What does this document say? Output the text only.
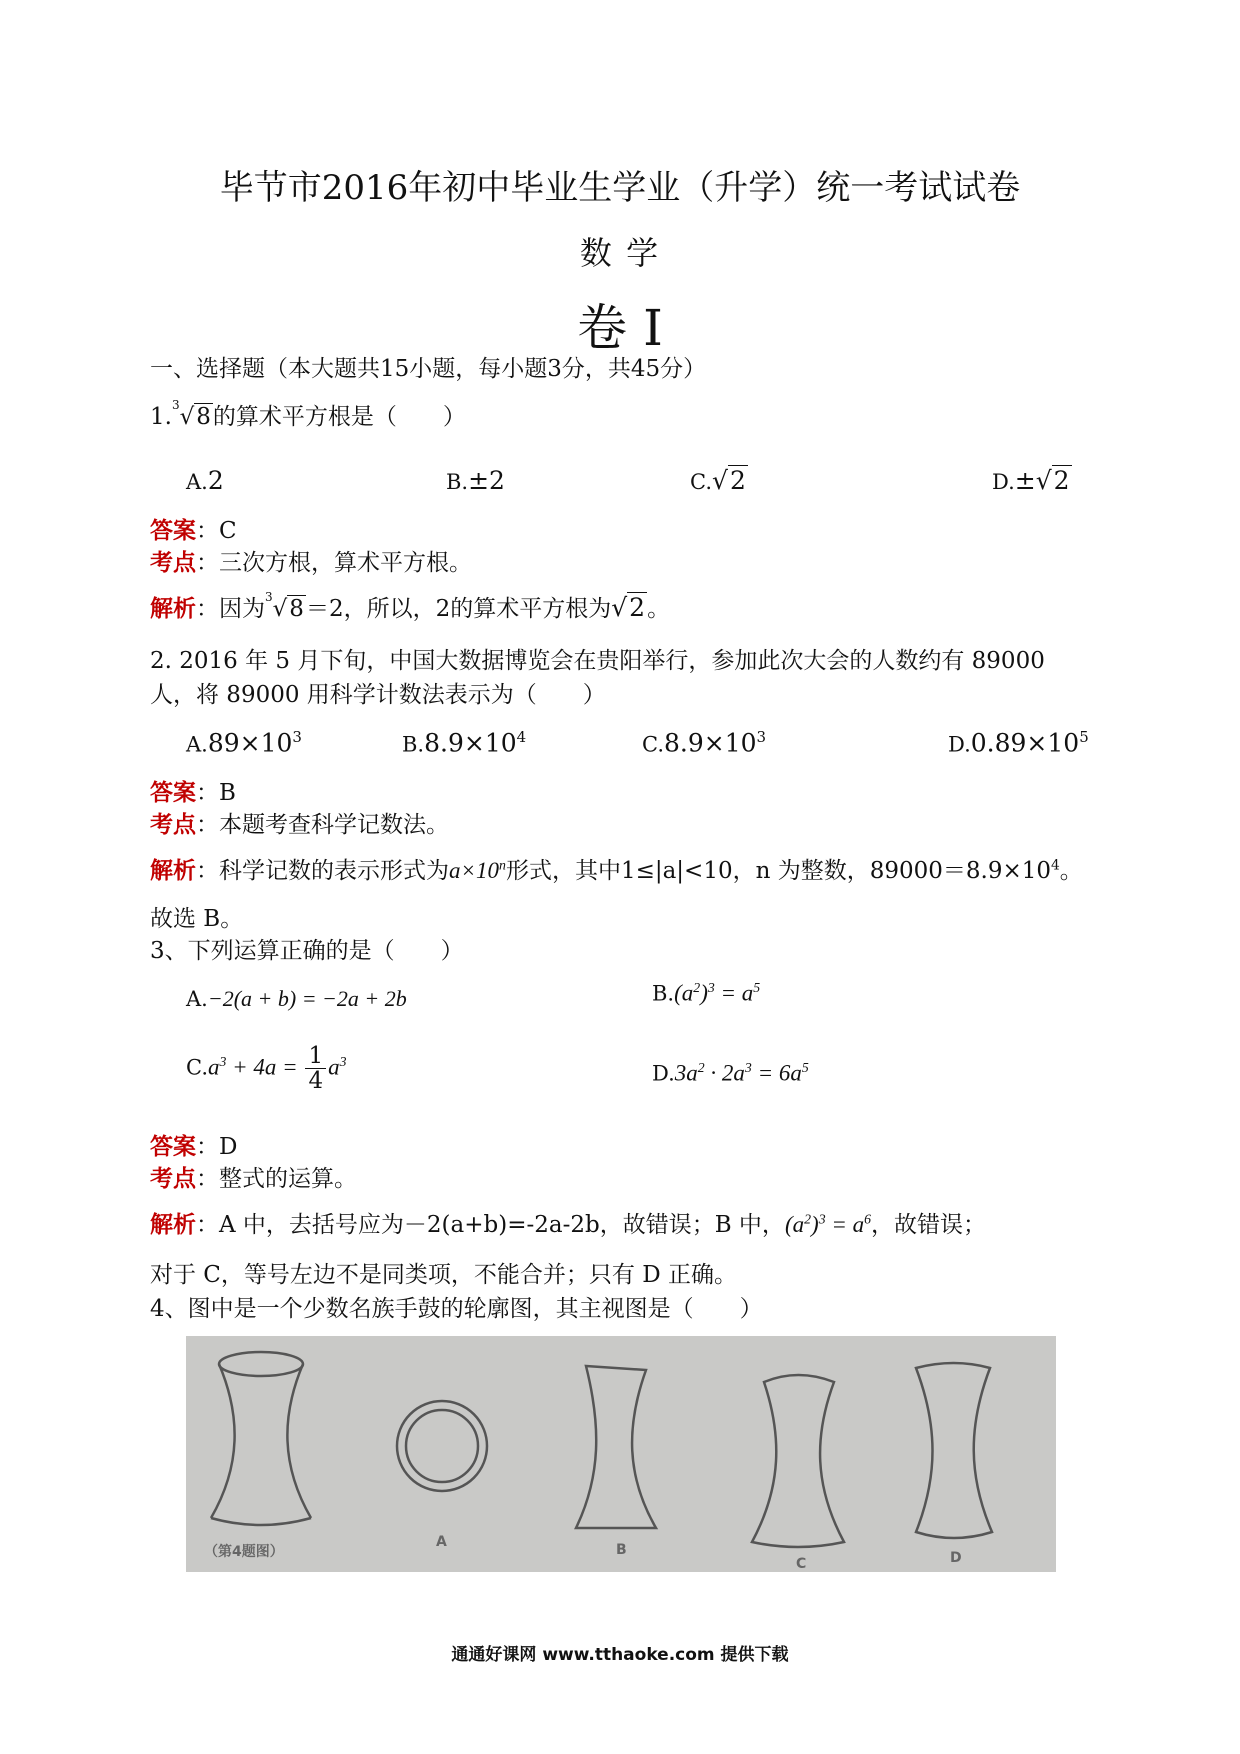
毕节市2016年初中毕业生学业（升学）统一考试试卷
数 学
卷 I
一、选择题（本大题共15小题，每小题3分，共45分）
1.$^3$√8的算术平方根是（　　）
A.2	B.±2	C.√2	D.±√2
答案：C
考点：三次方根，算术平方根。
解析：因为$^3$√8＝2，所以，2的算术平方根为√2。
2. 2016 年 5 月下旬，中国大数据博览会在贵阳举行，参加此次大会的人数约有 89000
人，将 89000 用科学计数法表示为（　　）
$A.89\times 10^3$	$B.8.9\times 10^4$	$C.8.9\times 10^3$	$D.0.89\times 10^5$
答案：B
考点：本题考查科学记数法。
解析：科学记数的表示形式为$a\times 10^n$形式，其中1≤|a|<10，n 为整数，$89000=8.9\times 10^4$。
故选 B。
3、下列运算正确的是（　　）
A.−2(a + b) = −2a + 2b	$B.(a^2)^3 = a^5$
$C.a^3 + 4a = \frac{1}{4} a^3$
$D.3a^2 \cdot 2a^3 = 6a^5$
答案：D
考点：整式的运算。
解析：A 中，去括号应为－2(a+b)=-2a-2b，故错误；B 中，$(a^2)^3 = a^6$，故错误；
对于 C，等号左边不是同类项，不能合并；只有 D 正确。
4、图中是一个少数名族手鼓的轮廓图，其主视图是（　　）
（第4题图）
A	B
C	D
通通好课网 www.tthaoke.com 提供下载
